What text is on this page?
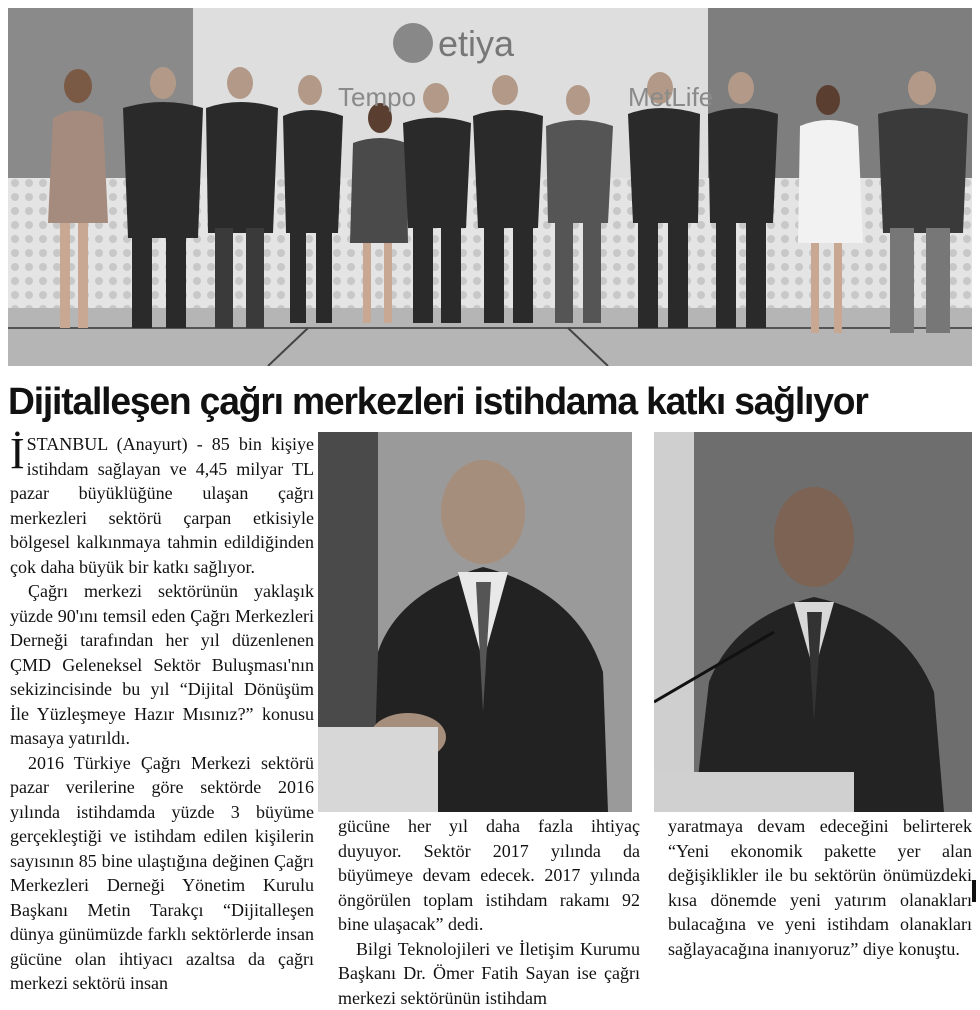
etiya
Tempo	MetLife
Dijitalleşen çağrı merkezleri istihdama katkı sağlıyor

İSTANBUL (Anayurt) - 85 bin kişiye istihdam sağlayan ve 4,45 milyar TL pazar büyüklüğüne ulaşan çağrı merkezleri sektörü çarpan etkisiyle bölgesel kalkınmaya tahmin edildiğinden çok daha büyük bir katkı sağlıyor.

Çağrı merkezi sektörünün yaklaşık yüzde 90'ını temsil eden Çağrı Merkezleri Derneği tarafından her yıl düzenlenen ÇMD Geleneksel Sektör Buluşması'nın sekizincisinde bu yıl “Dijital Dönüşüm İle Yüzleşmeye Hazır Mısınız?” konusu masaya yatırıldı.

2016 Türkiye Çağrı Merkezi sektörü pazar verilerine göre sektörde 2016 yılında istihdamda yüzde 3 büyüme gerçekleştiği ve istihdam edilen kişilerin sayısının 85 bine ulaştığına değinen Çağrı Merkezleri Derneği Yönetim Kurulu Başkanı Metin Tarakçı “Dijitalleşen dünya günümüzde farklı sektörlerde insan gücüne olan ihtiyacı azaltsa da çağrı merkezi sektörü insan

gücüne her yıl daha fazla ihtiyaç duyuyor. Sektör 2017 yılında da büyümeye devam edecek. 2017 yılında öngörülen toplam istihdam rakamı 92 bine ulaşacak” dedi.

Bilgi Teknolojileri ve İletişim Kurumu Başkanı Dr. Ömer Fatih Sayan ise çağrı merkezi sektörünün istihdam

yaratmaya devam edeceğini belirterek “Yeni ekonomik pakette yer alan değişiklikler ile bu sektörün önümüzdeki kısa dönemde yeni yatırım olanakları bulacağına ve yeni istihdam olanakları sağlayacağına inanıyoruz” diye konuştu.
